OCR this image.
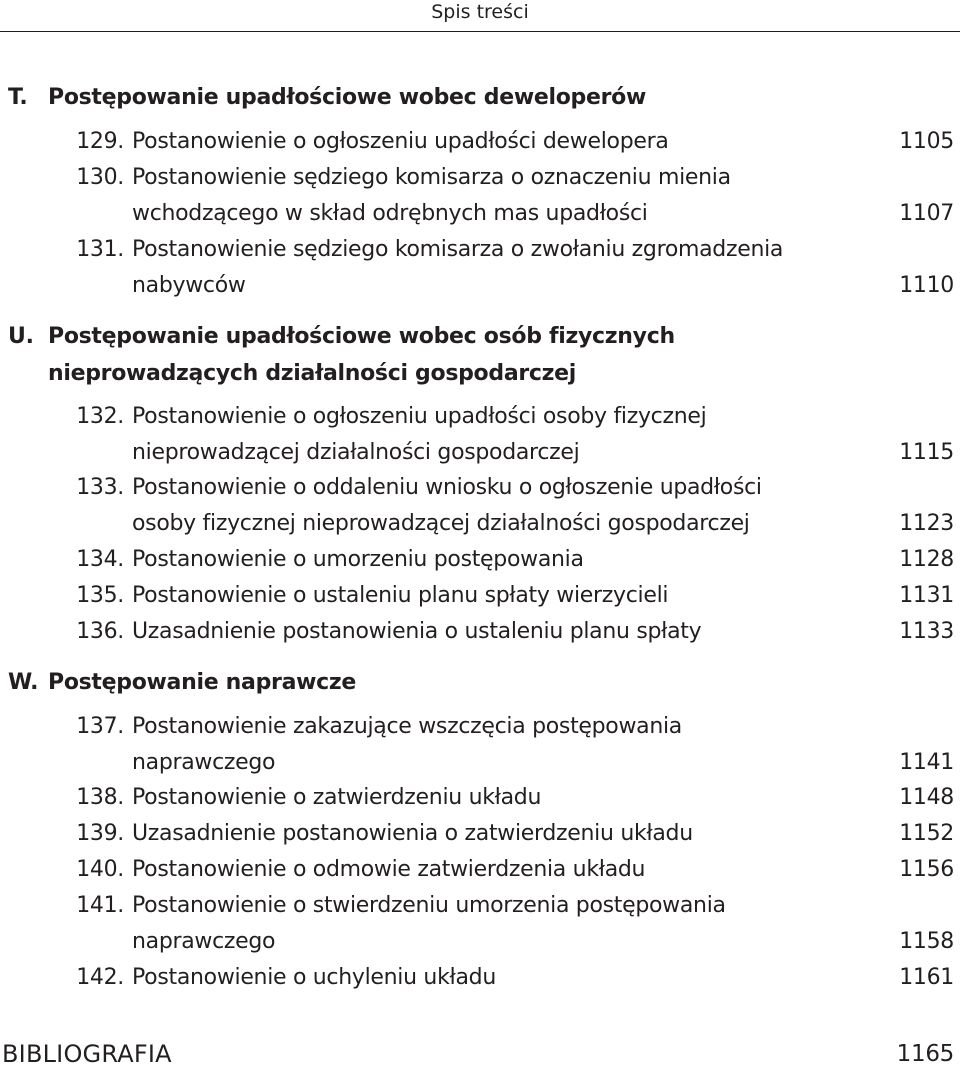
Spis treści
T. Postępowanie upadłościowe wobec deweloperów
129. Postanowienie o ogłoszeniu upadłości dewelopera	1105
130. Postanowienie sędziego komisarza o oznaczeniu mienia
wchodzącego w skład odrębnych mas upadłości	1107
131. Postanowienie sędziego komisarza o zwołaniu zgromadzenia
nabywców	1110
U. Postępowanie upadłościowe wobec osób fizycznych
nieprowadzących działalności gospodarczej
132. Postanowienie o ogłoszeniu upadłości osoby fizycznej
nieprowadzącej działalności gospodarczej	1115
133. Postanowienie o oddaleniu wniosku o ogłoszenie upadłości
osoby fizycznej nieprowadzącej działalności gospodarczej	1123
134. Postanowienie o umorzeniu postępowania	1128
135. Postanowienie o ustaleniu planu spłaty wierzycieli	1131
136. Uzasadnienie postanowienia o ustaleniu planu spłaty	1133
W. Postępowanie naprawcze
137. Postanowienie zakazujące wszczęcia postępowania
naprawczego	1141
138. Postanowienie o zatwierdzeniu układu	1148
139. Uzasadnienie postanowienia o zatwierdzeniu układu	1152
140. Postanowienie o odmowie zatwierdzenia układu	1156
141. Postanowienie o stwierdzeniu umorzenia postępowania
naprawczego	1158
142. Postanowienie o uchyleniu układu	1161
BIBLIOGRAFIA	1165
